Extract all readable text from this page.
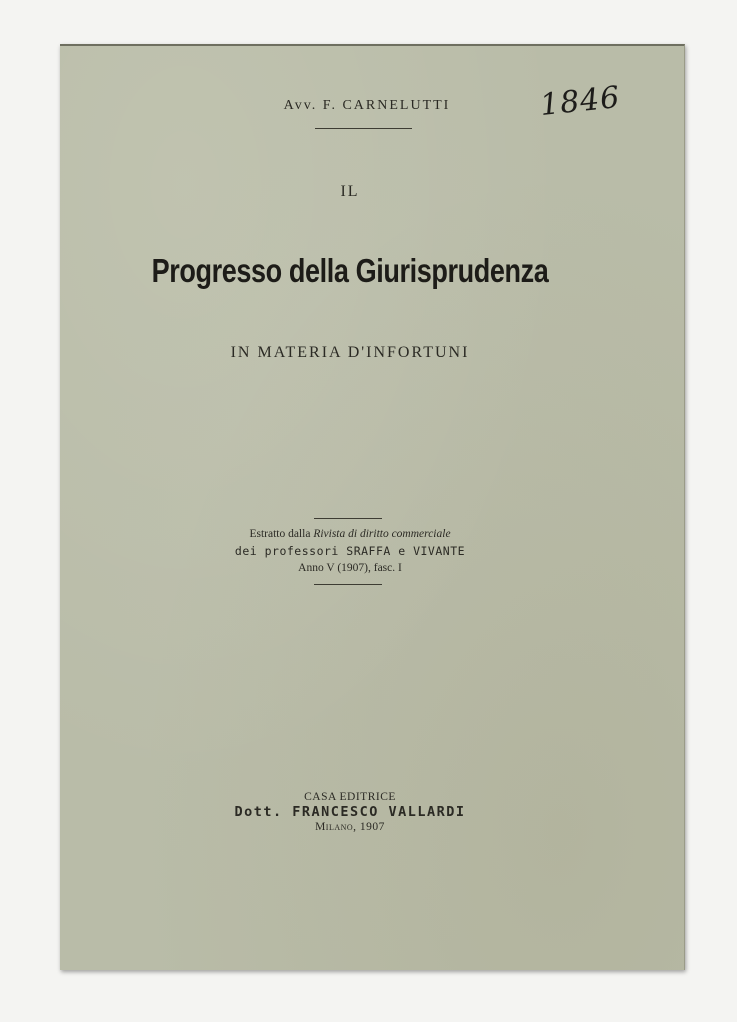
Avv. F. CARNELUTTI	1846
IL
Progresso della Giurisprudenza
IN MATERIA D'INFORTUNI
Estratto dalla Rivista di diritto commerciale
dei professori SRAFFA e VIVANTE
Anno V (1907), fasc. I
CASA EDITRICE
Dott. FRANCESCO VALLARDI
Milano, 1907
